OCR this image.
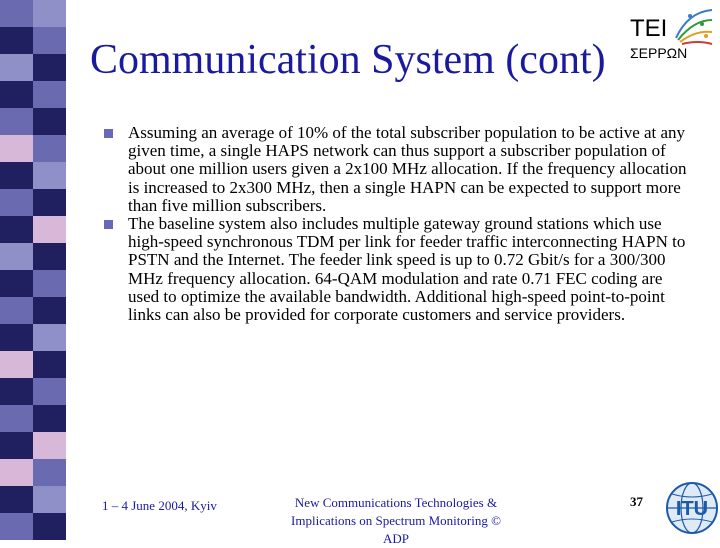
Communication System (cont)
TEI
ΣΕΡΡΩΝ
Assuming an average of 10% of the total subscriber population to be active at any given time, a single HAPS network can thus support a subscriber population of about one million users given a 2x100 MHz allocation. If the frequency allocation is increased to 2x300 MHz, then a single HAPN can be expected to support more than five million subscribers.
The baseline system also includes multiple gateway ground stations which use high-speed synchronous TDM per link for feeder traffic interconnecting HAPN to PSTN and the Internet. The feeder link speed is up to 0.72 Gbit/s for a 300/300 MHz frequency allocation. 64-QAM modulation and rate 0.71 FEC coding are used to optimize the available bandwidth. Additional high-speed point-to-point links can also be provided for corporate customers and service providers.
1 – 4 June 2004, Kyiv	New Communications Technologies &
Implications on Spectrum Monitoring © ADP
37 ITU
